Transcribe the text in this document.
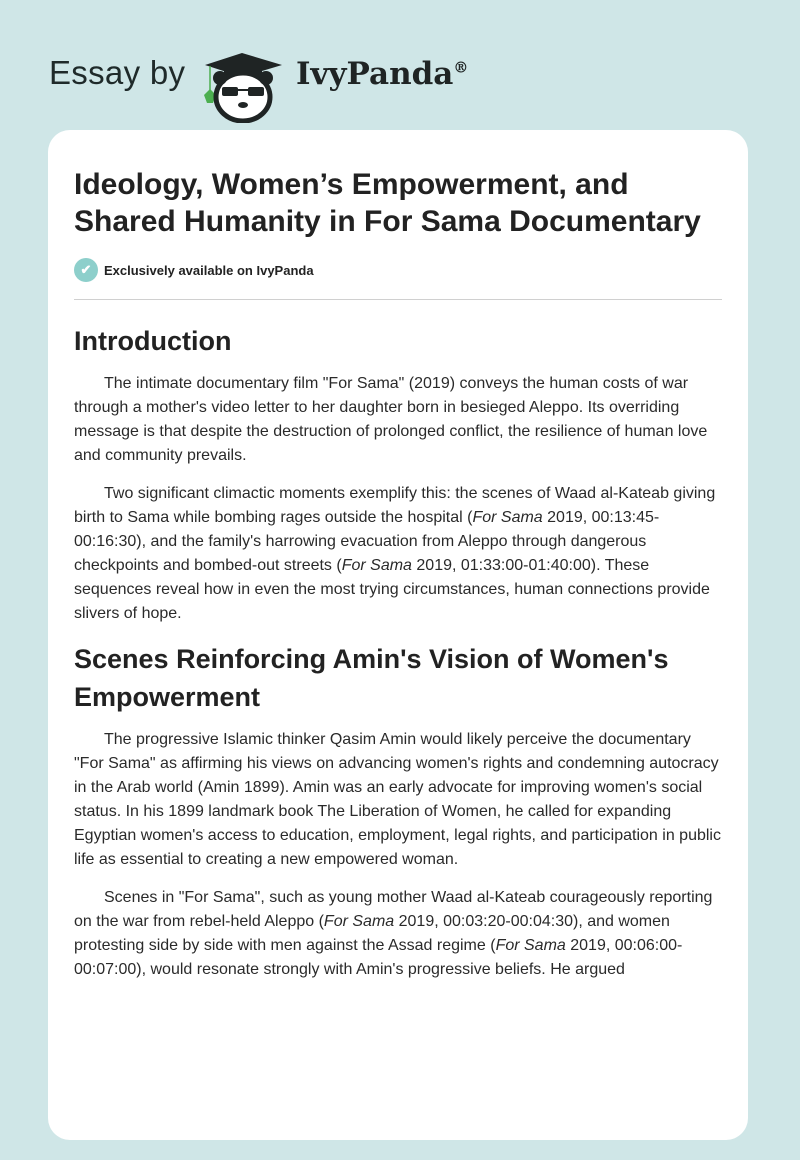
Essay by	IvyPanda®
Ideology, Women’s Empowerment, and Shared Humanity in For Sama Documentary
✔ Exclusively available on IvyPanda
Introduction

The intimate documentary film "For Sama" (2019) conveys the human costs of war through a mother's video letter to her daughter born in besieged Aleppo. Its overriding message is that despite the destruction of prolonged conflict, the resilience of human love and community prevails.

Two significant climactic moments exemplify this: the scenes of Waad al-Kateab giving birth to Sama while bombing rages outside the hospital (For Sama 2019, 00:13:45-00:16:30), and the family's harrowing evacuation from Aleppo through dangerous checkpoints and bombed-out streets (For Sama 2019, 01:33:00-01:40:00). These sequences reveal how in even the most trying circumstances, human connections provide slivers of hope.

Scenes Reinforcing Amin's Vision of Women's Empowerment

The progressive Islamic thinker Qasim Amin would likely perceive the documentary "For Sama" as affirming his views on advancing women's rights and condemning autocracy in the Arab world (Amin 1899). Amin was an early advocate for improving women's social status. In his 1899 landmark book The Liberation of Women, he called for expanding Egyptian women's access to education, employment, legal rights, and participation in public life as essential to creating a new empowered woman.

Scenes in "For Sama", such as young mother Waad al-Kateab courageously reporting on the war from rebel-held Aleppo (For Sama 2019, 00:03:20-00:04:30), and women protesting side by side with men against the Assad regime (For Sama 2019, 00:06:00-00:07:00), would resonate strongly with Amin's progressive beliefs. He argued
